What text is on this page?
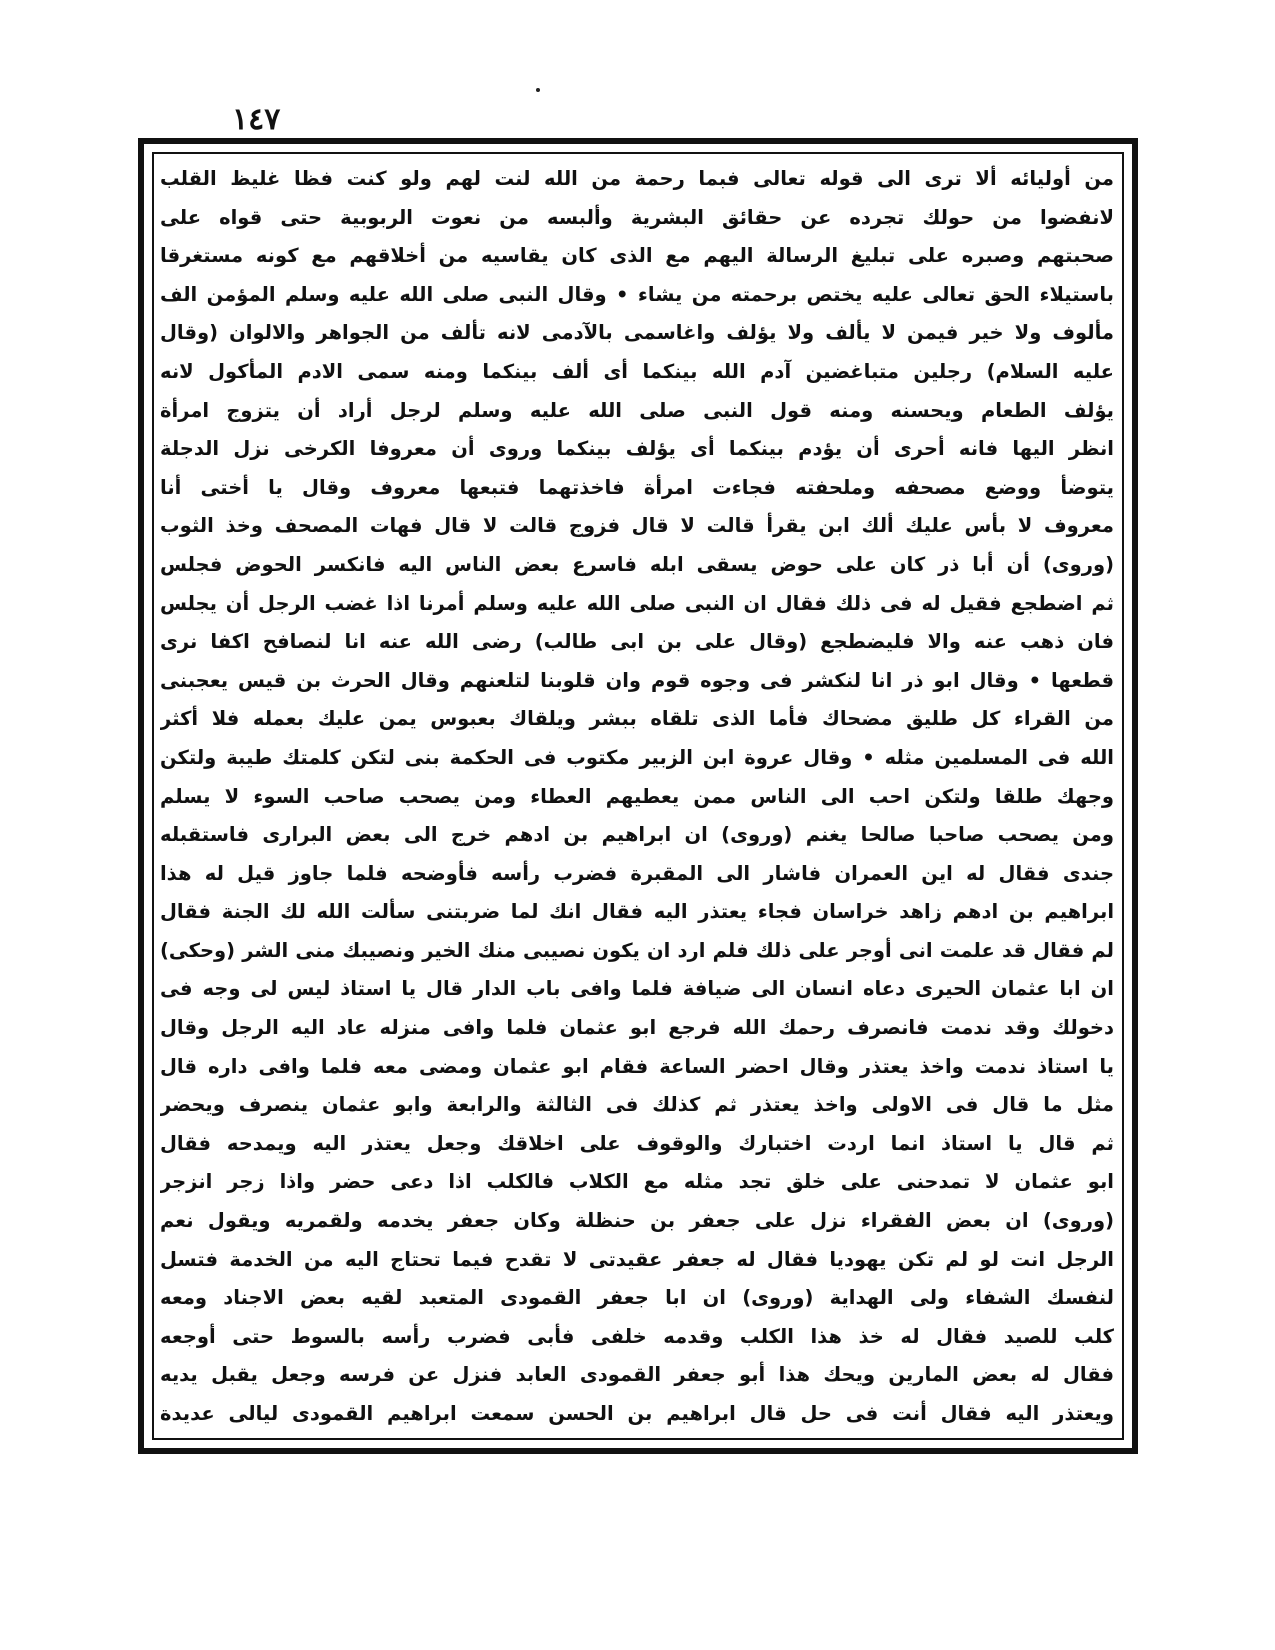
١٤٧
من أوليائه ألا ترى الى قوله تعالى فبما رحمة من الله لنت لهم ولو كنت فظا غليظ القلب
لانفضوا من حولك تجرده عن حقائق البشرية وألبسه من نعوت الربوبية حتى قواه على
صحبتهم وصبره على تبليغ الرسالة اليهم مع الذى كان يقاسيه من أخلاقهم مع كونه مستغرقا
باستيلاء الحق تعالى عليه يختص برحمته من يشاء • وقال النبى صلى الله عليه وسلم المؤمن الف
مألوف ولا خير فيمن لا يألف ولا يؤلف واغاسمى بالآدمى لانه تألف من الجواهر والالوان (وقال
عليه السلام) رجلين متباغضين آدم الله بينكما أى ألف بينكما ومنه سمى الادم المأكول لانه
يؤلف الطعام ويحسنه ومنه قول النبى صلى الله عليه وسلم لرجل أراد أن يتزوج امرأة
انظر اليها فانه أحرى أن يؤدم بينكما أى يؤلف بينكما وروى أن معروفا الكرخى نزل الدجلة
يتوضأ ووضع مصحفه وملحفته فجاءت امرأة فاخذتهما فتبعها معروف وقال يا أختى أنا
معروف لا بأس عليك ألك ابن يقرأ قالت لا قال فزوج قالت لا قال فهات المصحف وخذ الثوب
(وروى) أن أبا ذر كان على حوض يسقى ابله فاسرع بعض الناس اليه فانكسر الحوض فجلس
ثم اضطجع فقيل له فى ذلك فقال ان النبى صلى الله عليه وسلم أمرنا اذا غضب الرجل أن يجلس
فان ذهب عنه والا فليضطجع (وقال على بن ابى طالب) رضى الله عنه انا لنصافح اكفا نرى
قطعها • وقال ابو ذر انا لنكشر فى وجوه قوم وان قلوبنا لتلعنهم وقال الحرث بن قيس يعجبنى
من القراء كل طليق مضحاك فأما الذى تلقاه ببشر ويلقاك بعبوس يمن عليك بعمله فلا أكثر
الله فى المسلمين مثله • وقال عروة ابن الزبير مكتوب فى الحكمة بنى لتكن كلمتك طيبة ولتكن
وجهك طلقا ولتكن احب الى الناس ممن يعطيهم العطاء ومن يصحب صاحب السوء لا يسلم
ومن يصحب صاحبا صالحا يغنم (وروى) ان ابراهيم بن ادهم خرج الى بعض البرارى فاستقبله
جندى فقال له اين العمران فاشار الى المقبرة فضرب رأسه فأوضحه فلما جاوز قيل له هذا
ابراهيم بن ادهم زاهد خراسان فجاء يعتذر اليه فقال انك لما ضربتنى سألت الله لك الجنة فقال
لم فقال قد علمت انى أوجر على ذلك فلم ارد ان يكون نصيبى منك الخير ونصيبك منى الشر (وحكى)
ان ابا عثمان الحيرى دعاه انسان الى ضيافة فلما وافى باب الدار قال يا استاذ ليس لى وجه فى
دخولك وقد ندمت فانصرف رحمك الله فرجع ابو عثمان فلما وافى منزله عاد اليه الرجل وقال
يا استاذ ندمت واخذ يعتذر وقال احضر الساعة فقام ابو عثمان ومضى معه فلما وافى داره قال
مثل ما قال فى الاولى واخذ يعتذر ثم كذلك فى الثالثة والرابعة وابو عثمان ينصرف ويحضر
ثم قال يا استاذ انما اردت اختبارك والوقوف على اخلاقك وجعل يعتذر اليه ويمدحه فقال
ابو عثمان لا تمدحنى على خلق تجد مثله مع الكلاب فالكلب اذا دعى حضر واذا زجر انزجر
(وروى) ان بعض الفقراء نزل على جعفر بن حنظلة وكان جعفر يخدمه ولقمريه ويقول نعم
الرجل انت لو لم تكن يهوديا فقال له جعفر عقيدتى لا تقدح فيما تحتاج اليه من الخدمة فتسل
لنفسك الشفاء ولى الهداية (وروى) ان ابا جعفر القمودى المتعبد لقيه بعض الاجناد ومعه
كلب للصيد فقال له خذ هذا الكلب وقدمه خلفى فأبى فضرب رأسه بالسوط حتى أوجعه
فقال له بعض المارين ويحك هذا أبو جعفر القمودى العابد فنزل عن فرسه وجعل يقبل يديه
ويعتذر اليه فقال أنت فى حل قال ابراهيم بن الحسن سمعت ابراهيم القمودى ليالى عديدة
